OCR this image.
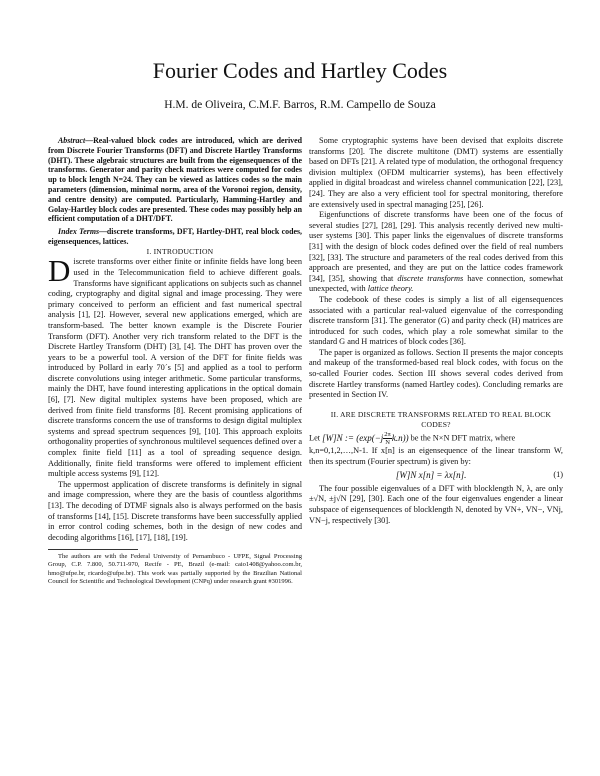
Fourier Codes and Hartley Codes
H.M. de Oliveira, C.M.F. Barros, R.M. Campello de Souza

Abstract—Real-valued block codes are introduced, which are derived from Discrete Fourier Transforms (DFT) and Discrete Hartley Transforms (DHT). These algebraic structures are built from the eigensequences of the transforms. Generator and parity check matrices were computed for codes up to block length N=24. They can be viewed as lattices codes so the main parameters (dimension, minimal norm, area of the Voronoi region, density, and centre density) are computed. Particularly, Hamming-Hartley and Golay-Hartley block codes are presented. These codes may possibly help an efficient computation of a DHT/DFT.

Index Terms—discrete transforms, DFT, Hartley-DHT, real block codes, eigensequences, lattices.

I. INTRODUCTION

Discrete transforms over either finite or infinite fields have long been used in the Telecommunication field to achieve different goals. Transforms have significant applications on subjects such as channel coding, cryptography and digital signal and image processing. They were primary conceived to perform an efficient and fast numerical spectral analysis [1], [2]. However, several new applications emerged, which are transform-based. The better known example is the Discrete Fourier Transform (DFT). Another very rich transform related to the DFT is the Discrete Hartley Transform (DHT) [3], [4]. The DHT has proven over the years to be a powerful tool. A version of the DFT for finite fields was introduced by Pollard in early 70´s [5] and applied as a tool to perform discrete convolutions using integer arithmetic. Some particular transforms, mainly the DHT, have found interesting applications in the optical domain [6], [7]. New digital multiplex systems have been proposed, which are derived from finite field transforms [8]. Recent promising applications of discrete transforms concern the use of transforms to design digital multiplex systems and spread spectrum sequences [9], [10]. This approach exploits orthogonality properties of synchronous multilevel sequences defined over a complex finite field [11] as a tool of spreading sequence design. Additionally, finite field transforms were offered to implement efficient multiple access systems [9], [12].

The uppermost application of discrete transforms is definitely in signal and image compression, where they are the basis of countless algorithms [13]. The decoding of DTMF signals also is always performed on the basis of transforms [14], [15]. Discrete transforms have been successfully applied in error control coding schemes, both in the design of new codes and decoding algorithms [16], [17], [18], [19].

The authors are with the Federal University of Pernambuco - UFPE, Signal Processing Group, C.P. 7.800, 50.711-970, Recife - PE, Brazil (e-mail: caio1408@yahoo.com.br, hmo@ufpe.br, ricardo@ufpe.br). This work was partially supported by the Brazilian National Council for Scientific and Technological Development (CNPq) under research grant #301996.

Some cryptographic systems have been devised that exploits discrete transforms [20]. The discrete multitone (DMT) systems are essentially based on DFTs [21]. A related type of modulation, the orthogonal frequency division multiplex (OFDM multicarrier systems), has been effectively applied in digital broadcast and wireless channel communication [22], [23], [24]. They are also a very efficient tool for spectral monitoring, therefore are extensively used in spectral managing [25], [26].

Eigenfunctions of discrete transforms have been one of the focus of several studies [27], [28], [29]. This analysis recently derived new multi-user systems [30]. This paper links the eigenvalues of discrete transforms [31] with the design of block codes defined over the field of real numbers [32], [33]. The structure and parameters of the real codes derived from this approach are presented, and they are put on the lattice codes framework [34], [35], showing that discrete transforms have connection, somewhat unexpected, with lattice theory.

The codebook of these codes is simply a list of all eigensequences associated with a particular real-valued eigenvalue of the corresponding discrete transform [31]. The generator (G) and parity check (H) matrices are introduced for such codes, which play a role somewhat similar to the standard G and H matrices of block codes [36].

The paper is organized as follows. Section II presents the major concepts and makeup of the transformed-based real block codes, with focus on the so-called Fourier codes. Section III shows several codes derived from discrete Hartley transforms (named Hartley codes). Concluding remarks are presented in Section IV.

II. ARE DISCRETE TRANSFORMS RELATED TO REAL BLOCK CODES?

Let [W]N := $(\exp(-j \frac{2\pi}{N} k.n))$ be the N×N DFT matrix, where

k,n=0,1,2,…,N-1. If x[n] is an eigensequence of the linear transform W, then its spectrum (Fourier spectrum) is given by:

[W]N x[n] = λx[n].	(1)

The four possible eigenvalues of a DFT with blocklength N, λ, are only ±√N, ±j√N [29], [30]. Each one of the four eigenvalues engender a linear subspace of eigensequences of blocklength N, denoted by VN+, VN−, VNj, VN−j, respectively [30].
